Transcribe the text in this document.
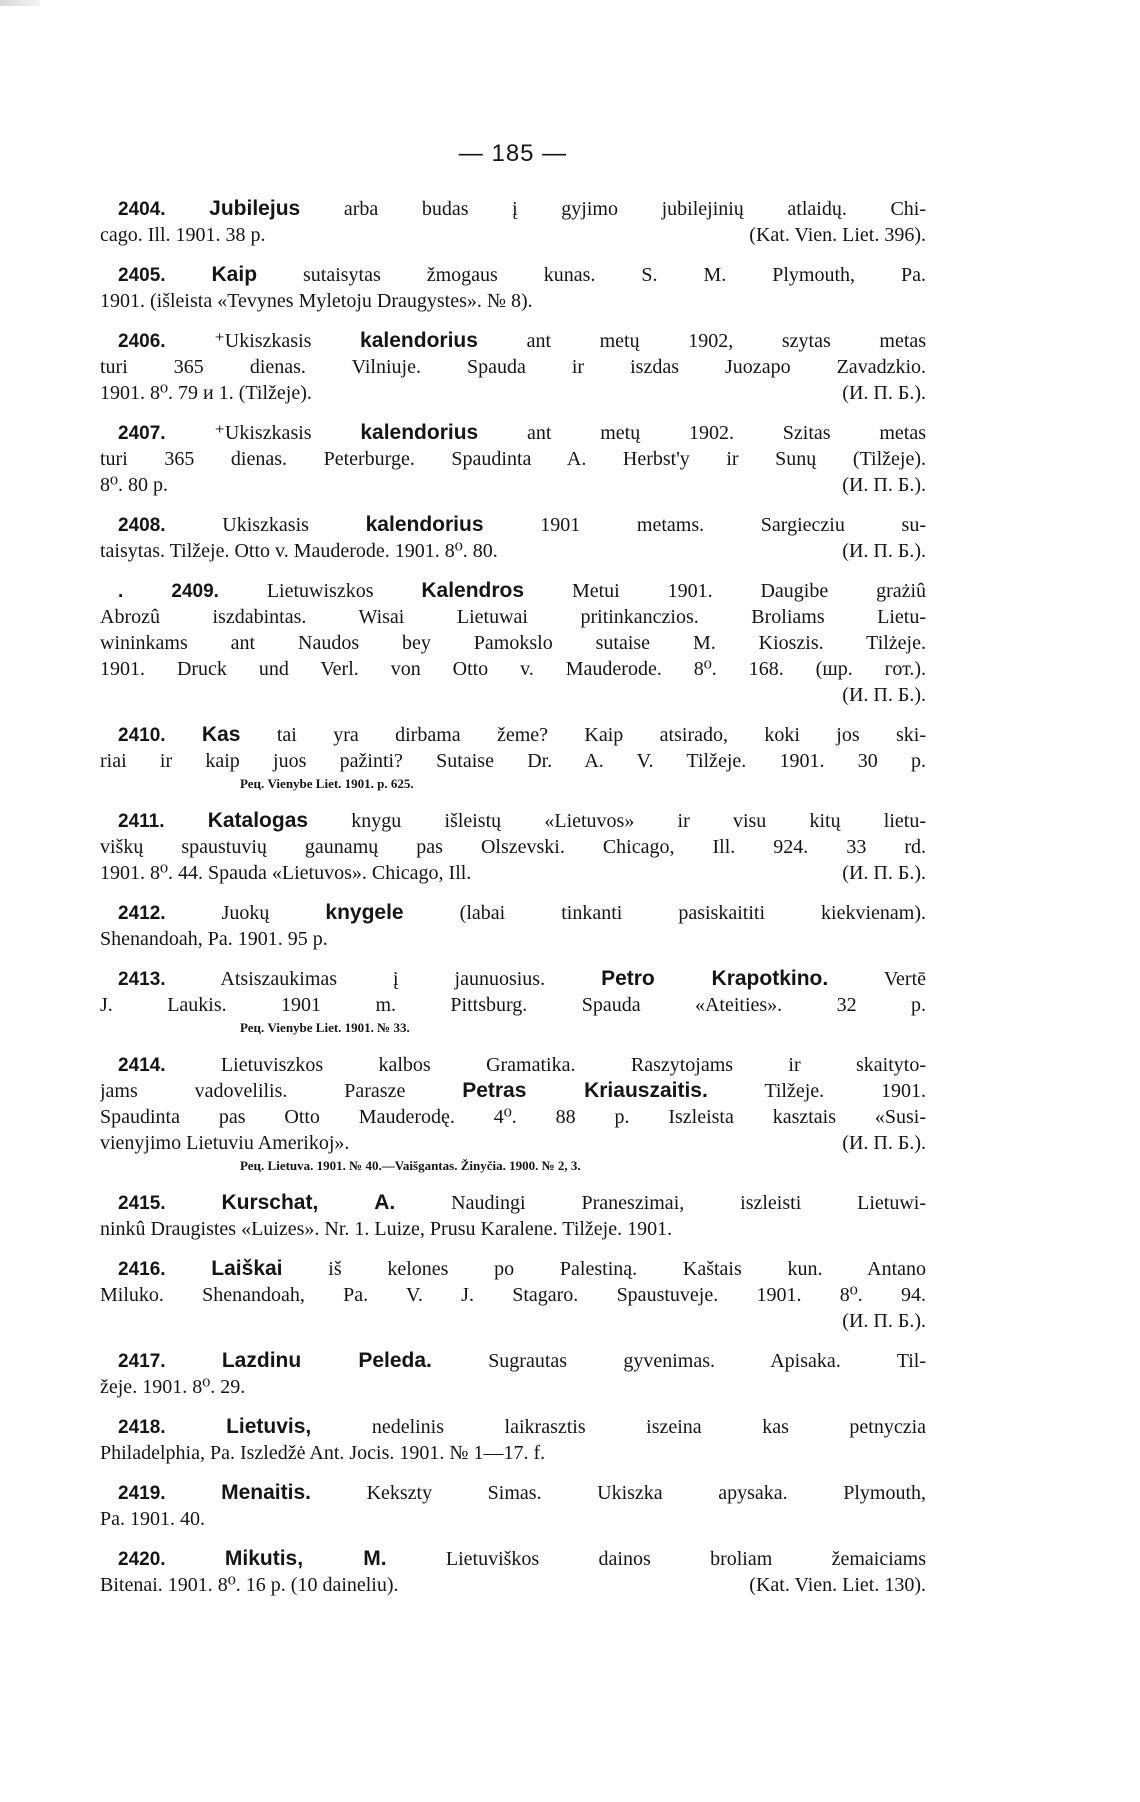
— 185 —
2404. Jubilejus arba budas į gyjimo jubilejinių atlaidų. Chi-
cago. Ill. 1901. 38 p.	(Kat. Vien. Liet. 396).
2405. Kaip sutaisytas žmogaus kunas. S. M. Plymouth, Pa.
1901. (išleista «Tevynes Myletoju Draugystes». № 8).
2406. ⁺Ukiszkasis kalendorius ant metų 1902, szytas metas
turi 365 dienas. Vilniuje. Spauda ir iszdas Juozapo Zavadzkio.
1901. 8⁰. 79 и 1. (Tilžeje).	(И. П. Б.).
2407. ⁺Ukiszkasis kalendorius ant metų 1902. Szitas metas
turi 365 dienas. Peterburge. Spaudinta A. Herbst'y ir Sunų (Tilžeje).
8⁰. 80 p.	(И. П. Б.).
2408.	Ukiszkasis	kalendorius	1901 metams. Sargiecziu su-
taisytas. Tilžeje. Otto v. Mauderode. 1901. 8⁰. 80.	(И. П. Б.).
. 2409. Lietuwiszkos Kalendros Metui 1901. Daugibe grażiû
Abrozû iszdabintas. Wisai Lietuwai pritinkanczios. Broliams Lietu-
wininkams ant Naudos bey Pamokslo sutaise M. Kioszis. Tilżeje.
1901. Druck und Verl. von Otto v. Mauderode. 8⁰. 168. (шр. гот.).
(И. П. Б.).
2410. Kas tai yra dirbama žeme? Kaip atsirado, koki jos ski-
riai ir kaip juos pažinti? Sutaise Dr. A. V. Tilžeje. 1901. 30 p.
Рец. Vienybe Liet. 1901. p. 625.
2411. Katalogas knygu išleistų «Lietuvos» ir visu kitų lietu-
viškų spaustuvių gaunamų pas Olszevski. Chicago, Ill. 924. 33 rd.
1901. 8⁰. 44. Spauda «Lietuvos». Chicago, Ill.	(И. П. Б.).
2412.	Juokų	knygele	(labai tinkanti pasiskaititi kiekvienam).
Shenandoah, Pa. 1901. 95 p.
2413.	Atsiszaukimas į jaunuosius.	Petro Krapotkino.	Vertē
J. Laukis. 1901 m. Pittsburg. Spauda «Ateities». 32 p.
Рец. Vienybe Liet. 1901. № 33.
2414.	Lietuviszkos kalbos Gramatika.	Raszytojams ir skaityto-
jams vadovelilis. Parasze	Petras Kriauszaitis.	Tilžeje. 1901.
Spaudinta pas Otto Mauderodę. 4⁰. 88 p. Iszleista kasztais «Susi-
vienyjimo Lietuviu Amerikoj».	(И. П. Б.).
Рец. Lietuva. 1901. № 40.—Vaišgantas. Žinyčia. 1900. № 2, 3.
2415.	Kurschat, A.	Naudingi Praneszimai, iszleisti Lietuwi-
ninkû Draugistes «Luizes». Nr. 1. Luize, Prusu Karalene. Tilžeje. 1901.
2416. Laiškai iš kelones po Palestiną. Kaštais kun. Antano
Miluko. Shenandoah, Pa. V. J. Stagaro. Spaustuveje. 1901. 8⁰. 94.
(И. П. Б.).
2417.	Lazdinu Peleda.	Sugrautas gyvenimas. Apisaka. Til-
žeje. 1901. 8⁰. 29.
2418.	Lietuvis,	nedelinis laikrasztis iszeina kas petnyczia
Philadelphia, Pa. Iszledžė Ant. Jocis. 1901. № 1—17. f.
2419.	Menaitis.	Kekszty Simas. Ukiszka apysaka. Plymouth,
Pa. 1901. 40.
2420.	Mikutis, M.	Lietuviškos dainos broliam žemaiciams
Bitenai. 1901. 8⁰. 16 p. (10 daineliu).	(Kat. Vien. Liet. 130).
